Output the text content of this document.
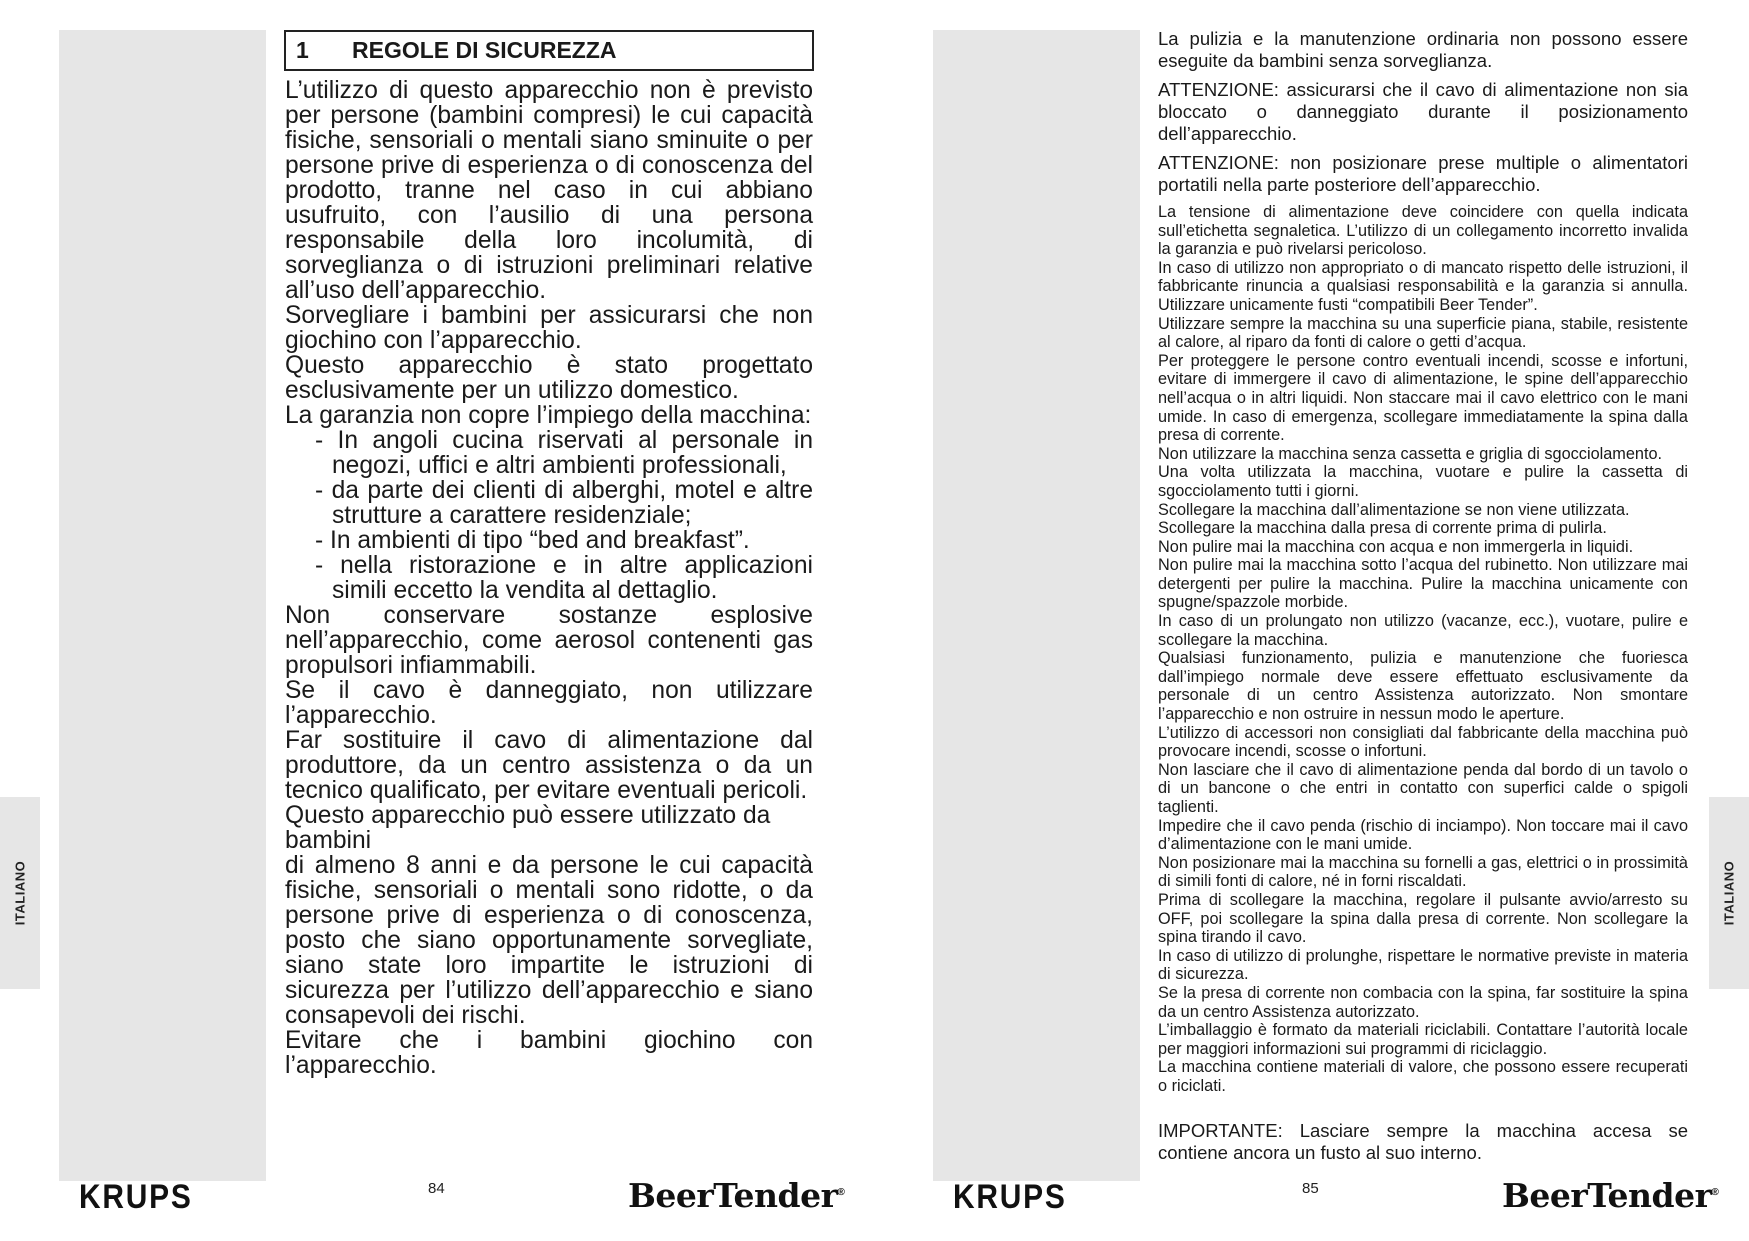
ITALIANO	ITALIANO
1	REGOLE DI SICUREZZA

L’utilizzo di questo apparecchio non è previsto per persone (bambini compresi) le cui capacità fisiche, sensoriali o mentali siano sminuite o per persone prive di esperienza o di conoscenza del prodotto, tranne nel caso in cui abbiano usufruito, con l’ausilio di una persona responsabile della loro incolumità, di sorveglianza o di istruzioni preliminari relative all’uso dell’apparecchio.

Sorvegliare i bambini per assicurarsi che non giochino con l’apparecchio.

Questo apparecchio è stato progettato esclusivamente per un utilizzo domestico.

La garanzia non copre l’impiego della macchina:

- In angoli cucina riservati al personale in negozi, uffici e altri ambienti professionali,
- da parte dei clienti di alberghi, motel e altre strutture a carattere residenziale;
- In ambienti di tipo “bed and breakfast”.
- nella ristorazione e in altre applicazioni simili eccetto la vendita al dettaglio.

Non conservare sostanze esplosive nell’apparecchio, come aerosol contenenti gas propulsori infiammabili.

Se il cavo è danneggiato, non utilizzare l’apparecchio.

Far sostituire il cavo di alimentazione dal produttore, da un centro assistenza o da un tecnico qualificato, per evitare eventuali pericoli.

Questo apparecchio può essere utilizzato da bambini

di almeno 8 anni e da persone le cui capacità fisiche, sensoriali o mentali sono ridotte, o da persone prive di esperienza o di conoscenza, posto che siano opportunamente sorvegliate, siano state loro impartite le istruzioni di sicurezza per l’utilizzo dell’apparecchio e siano consapevoli dei rischi.

Evitare che i bambini giochino con l’apparecchio.

La pulizia e la manutenzione ordinaria non possono essere eseguite da bambini senza sorveglianza.

ATTENZIONE: assicurarsi che il cavo di alimentazione non sia bloccato o danneggiato durante il posizionamento dell’apparecchio.

ATTENZIONE: non posizionare prese multiple o alimentatori portatili nella parte posteriore dell’apparecchio.

La tensione di alimentazione deve coincidere con quella indicata sull’etichetta segnaletica. L’utilizzo di un collegamento incorretto invalida la garanzia e può rivelarsi pericoloso.

In caso di utilizzo non appropriato o di mancato rispetto delle istruzioni, il fabbricante rinuncia a qualsiasi responsabilità e la garanzia si annulla. Utilizzare unicamente fusti “compatibili Beer Tender”.

Utilizzare sempre la macchina su una superficie piana, stabile, resistente al calore, al riparo da fonti di calore o getti d’acqua.

Per proteggere le persone contro eventuali incendi, scosse e infortuni, evitare di immergere il cavo di alimentazione, le spine dell’apparecchio nell’acqua o in altri liquidi. Non staccare mai il cavo elettrico con le mani umide. In caso di emergenza, scollegare immediatamente la spina dalla presa di corrente.

Non utilizzare la macchina senza cassetta e griglia di sgocciolamento.

Una volta utilizzata la macchina, vuotare e pulire la cassetta di sgocciolamento tutti i giorni.

Scollegare la macchina dall’alimentazione se non viene utilizzata.

Scollegare la macchina dalla presa di corrente prima di pulirla.

Non pulire mai la macchina con acqua e non immergerla in liquidi.

Non pulire mai la macchina sotto l’acqua del rubinetto. Non utilizzare mai detergenti per pulire la macchina. Pulire la macchina unicamente con spugne/spazzole morbide.

In caso di un prolungato non utilizzo (vacanze, ecc.), vuotare, pulire e scollegare la macchina.

Qualsiasi funzionamento, pulizia e manutenzione che fuoriesca dall’impiego normale deve essere effettuato esclusivamente da personale di un centro Assistenza autorizzato. Non smontare l’apparecchio e non ostruire in nessun modo le aperture.

L’utilizzo di accessori non consigliati dal fabbricante della macchina può provocare incendi, scosse o infortuni.

Non lasciare che il cavo di alimentazione penda dal bordo di un tavolo o di un bancone o che entri in contatto con superfici calde o spigoli taglienti.

Impedire che il cavo penda (rischio di inciampo). Non toccare mai il cavo d’alimentazione con le mani umide.

Non posizionare mai la macchina su fornelli a gas, elettrici o in prossimità di simili fonti di calore, né in forni riscaldati.

Prima di scollegare la macchina, regolare il pulsante avvio/arresto su OFF, poi scollegare la spina dalla presa di corrente. Non scollegare la spina tirando il cavo.

In caso di utilizzo di prolunghe, rispettare le normative previste in materia di sicurezza.

Se la presa di corrente non combacia con la spina, far sostituire la spina da un centro Assistenza autorizzato.

L’imballaggio è formato da materiali riciclabili. Contattare l’autorità locale per maggiori informazioni sui programmi di riciclaggio.

La macchina contiene materiali di valore, che possono essere recuperati o riciclati.

IMPORTANTE: Lasciare sempre la macchina accesa se contiene ancora un fusto al suo interno.

KRUPS	84	BeerTender®	KRUPS	85	BeerTender®
